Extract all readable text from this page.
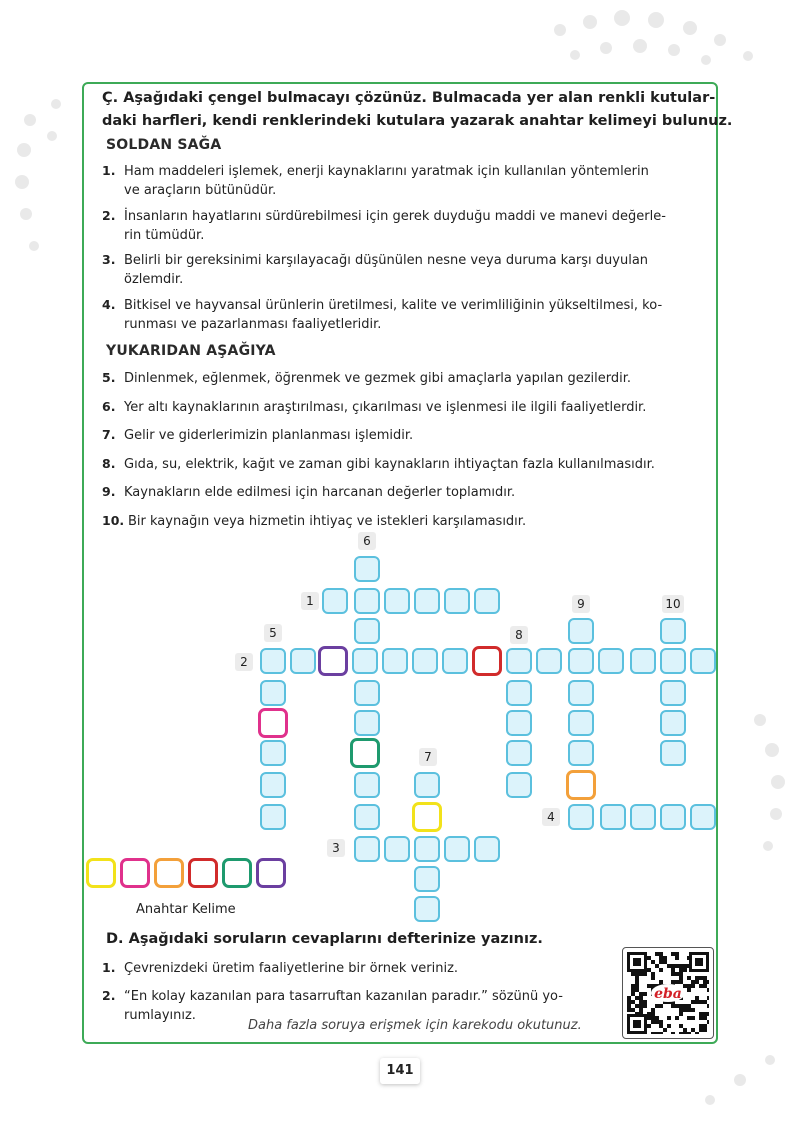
Ç. Aşağıdaki çengel bulmacayı çözünüz. Bulmacada yer alan renkli kutular-
daki harfleri, kendi renklerindeki kutulara yazarak anahtar kelimeyi bulunuz.
SOLDAN SAĞA
1. Ham maddeleri işlemek, enerji kaynaklarını yaratmak için kullanılan yöntemlerin
ve araçların bütünüdür.
2. İnsanların hayatlarını sürdürebilmesi için gerek duyduğu maddi ve manevi değerle-
rin tümüdür.
3. Belirli bir gereksinimi karşılayacağı düşünülen nesne veya duruma karşı duyulan
özlemdir.
4. Bitkisel ve hayvansal ürünlerin üretilmesi, kalite ve verimliliğinin yükseltilmesi, ko-
runması ve pazarlanması faaliyetleridir.
YUKARIDAN AŞAĞIYA
5. Dinlenmek, eğlenmek, öğrenmek ve gezmek gibi amaçlarla yapılan gezilerdir.
6. Yer altı kaynaklarının araştırılması, çıkarılması ve işlenmesi ile ilgili faaliyetlerdir.
7. Gelir ve giderlerimizin planlanması işlemidir.
8. Gıda, su, elektrik, kağıt ve zaman gibi kaynakların ihtiyaçtan fazla kullanılmasıdır.
9. Kaynakların elde edilmesi için harcanan değerler toplamıdır.
10. Bir kaynağın veya hizmetin ihtiyaç ve istekleri karşılamasıdır.
1
2
3
4
5
6
7
8
9	10
Anahtar Kelime
D. Aşağıdaki soruların cevaplarını defterinize yazınız.
1. Çevrenizdeki üretim faaliyetlerine bir örnek veriniz.
2. “En kolay kazanılan para tasarruftan kazanılan paradır.” sözünü yo-
rumlayınız.
Daha fazla soruya erişmek için karekodu okutunuz.
eba
141
